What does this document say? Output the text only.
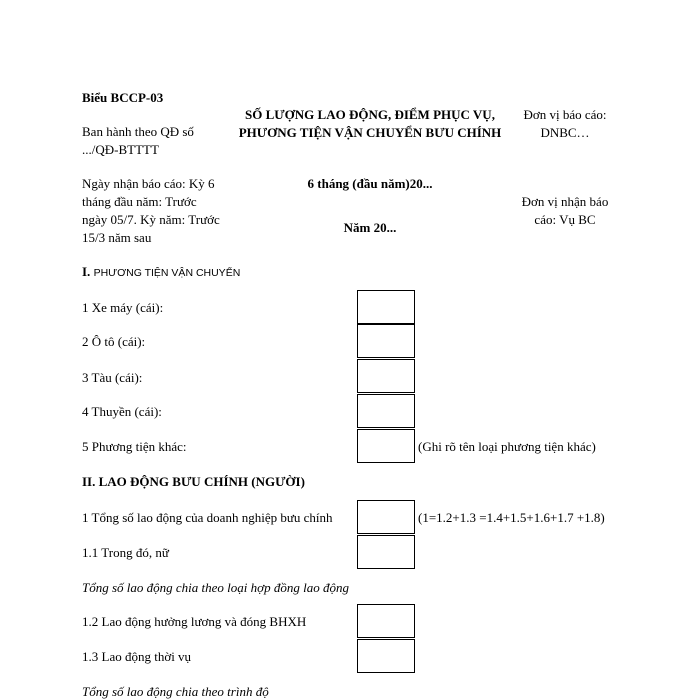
Biểu BCCP-03
Ban hành theo QĐ số
.../QĐ-BTTTT
SỐ LƯỢNG LAO ĐỘNG, ĐIỂM PHỤC VỤ,
PHƯƠNG TIỆN VẬN CHUYỂN BƯU CHÍNH
Đơn vị báo cáo:
DNBC…
Ngày nhận báo cáo: Kỳ 6
tháng đầu năm: Trước
ngày 05/7. Kỳ năm: Trước
15/3 năm sau
6 tháng (đầu năm)20...
Năm 20...
Đơn vị nhận báo
cáo: Vụ BC
I. PHƯƠNG TIỆN VẬN CHUYỂN
1 Xe máy (cái):
2 Ô tô (cái):
3 Tàu (cái):
4 Thuyền (cái):
5 Phương tiện khác:	(Ghi rõ tên loại phương tiện khác)
II. LAO ĐỘNG BƯU CHÍNH (NGƯỜI)
1 Tổng số lao động của doanh nghiệp bưu chính	(1=1.2+1.3 =1.4+1.5+1.6+1.7 +1.8)
1.1 Trong đó, nữ
Tổng số lao động chia theo loại hợp đồng lao động
1.2 Lao động hưởng lương và đóng BHXH
1.3 Lao động thời vụ
Tổng số lao động chia theo trình độ
